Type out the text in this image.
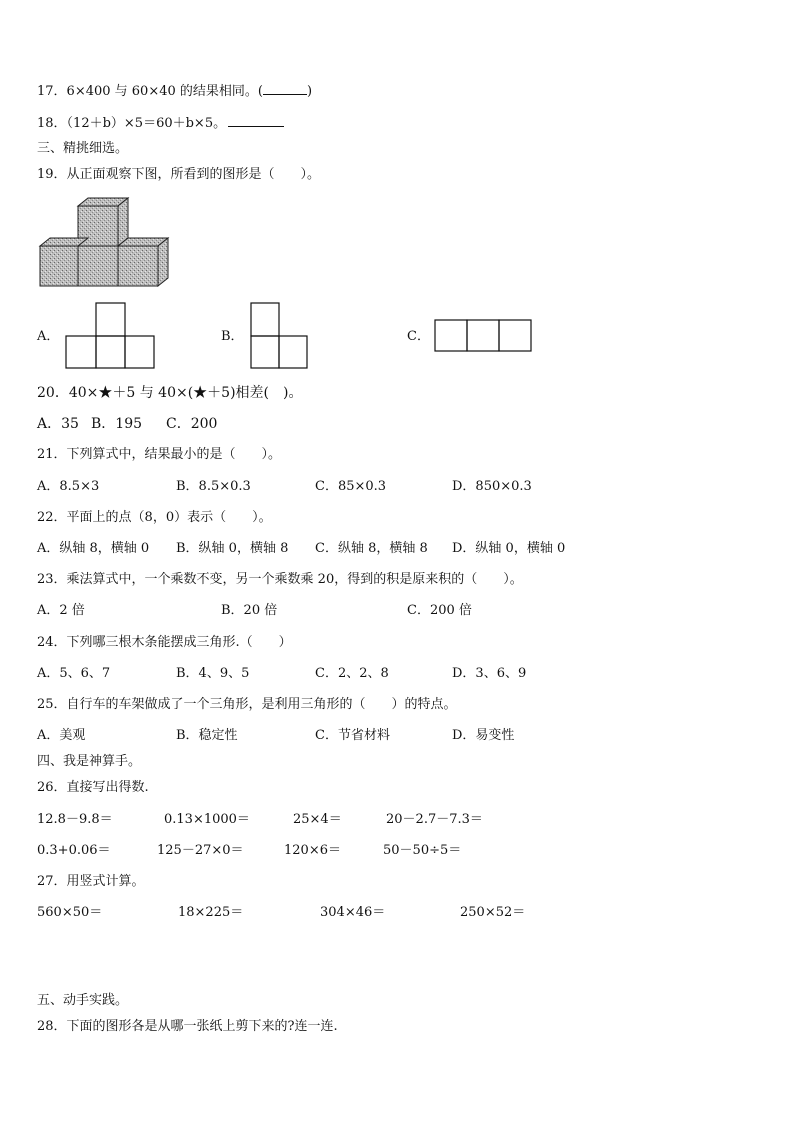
17．6×400 与 60×40 的结果相同。(	)
18．（12＋b）×5＝60＋b×5。
三、精挑细选。
19．从正面观察下图，所看到的图形是（　　）。
A．	B．	C．
20．40×★＋5 与 40×(★＋5)相差(　)。
A．35 B．195 C．200
21．下列算式中，结果最小的是（　　）。
A．8.5×3	B．8.5×0.3	C．85×0.3	D．850×0.3
22．平面上的点（8，0）表示（　　）。
A．纵轴 8，横轴 0 B．纵轴 0，横轴 8 C．纵轴 8，横轴 8 D．纵轴 0，横轴 0
23．乘法算式中，一个乘数不变，另一个乘数乘 20，得到的积是原来积的（　　）。
A．2 倍	B．20 倍	C．200 倍
24．下列哪三根木条能摆成三角形.（　　）
A．5、6、7	B．4、9、5	C．2、2、8	D．3、6、9
25．自行车的车架做成了一个三角形，是利用三角形的（　　）的特点。
A．美观	B．稳定性	C．节省材料	D．易变性
四、我是神算手。
26．直接写出得数.
12.8－9.8＝	0.13×1000＝	25×4＝	20－2.7－7.3＝
0.3+0.06＝	125－27×0＝	120×6＝	50－50÷5＝
27．用竖式计算。
560×50＝	18×225＝	304×46＝	250×52＝
五、动手实践。
28．下面的图形各是从哪一张纸上剪下来的?连一连.
